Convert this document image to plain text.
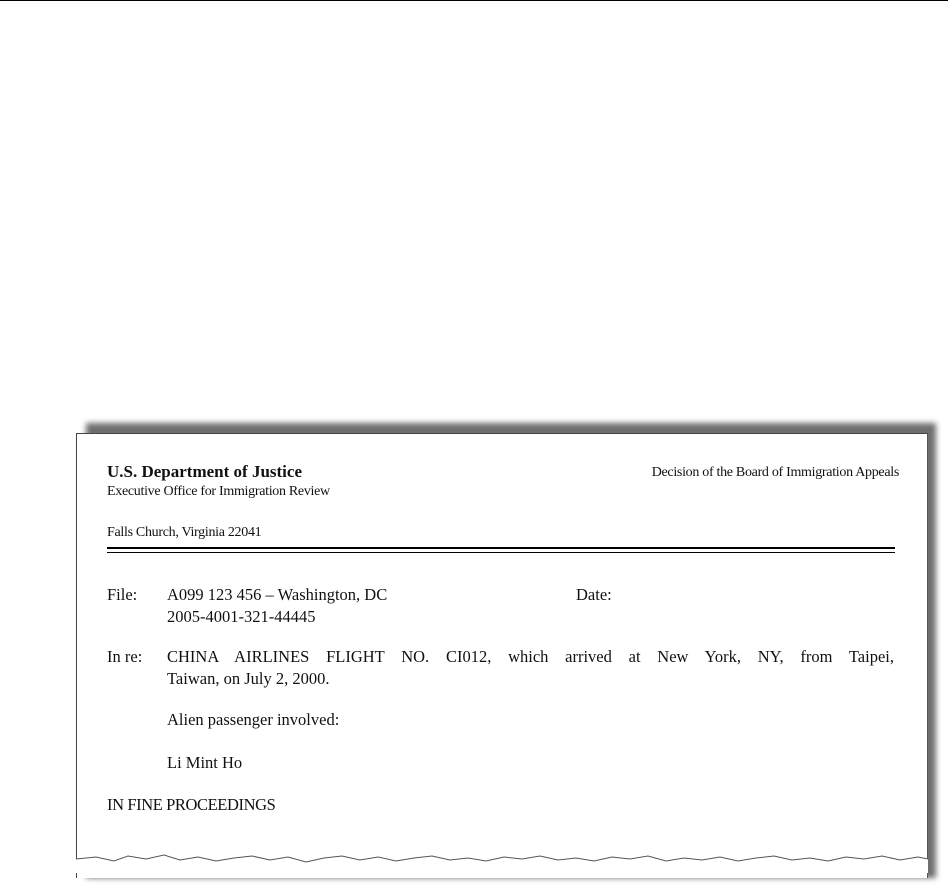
U.S. Department of Justice
Executive Office for Immigration Review
Decision of the Board of Immigration Appeals
Falls Church, Virginia 22041
File: A099 123 456 – Washington, DC
2005-4001-321-44445
Date:
In re: CHINA AIRLINES FLIGHT NO. CI012, which arrived at New York, NY, from Taipei,
Taiwan, on July 2, 2000.
Alien passenger involved:
Li Mint Ho
IN FINE PROCEEDINGS
